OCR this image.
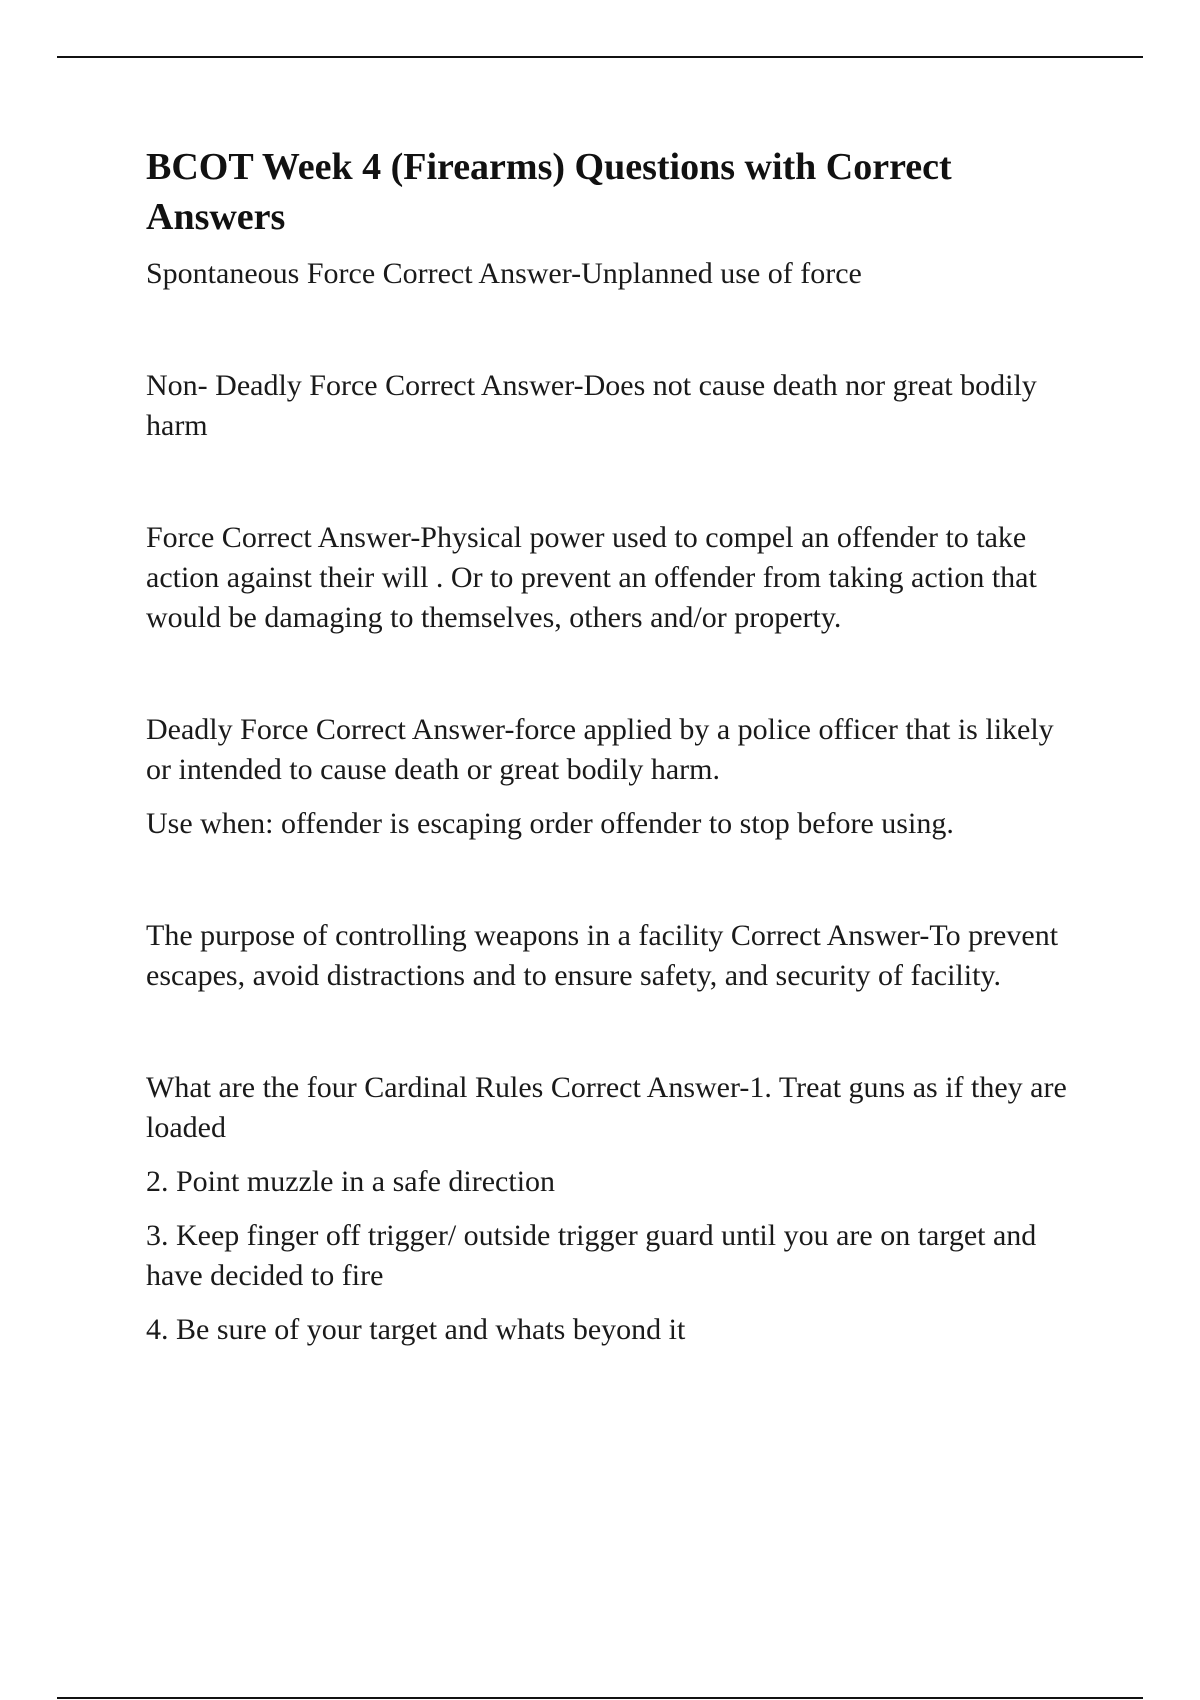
BCOT Week 4 (Firearms) Questions with Correct Answers

Spontaneous Force Correct Answer-Unplanned use of force

Non- Deadly Force Correct Answer-Does not cause death nor great bodily harm

Force Correct Answer-Physical power used to compel an offender to take action against their will . Or to prevent an offender from taking action that would be damaging to themselves, others and/or property.

Deadly Force Correct Answer-force applied by a police officer that is likely or intended to cause death or great bodily harm.

Use when: offender is escaping order offender to stop before using.

The purpose of controlling weapons in a facility Correct Answer-To prevent escapes, avoid distractions and to ensure safety, and security of facility.

What are the four Cardinal Rules Correct Answer-1. Treat guns as if they are loaded

2. Point muzzle in a safe direction

3. Keep finger off trigger/ outside trigger guard until you are on target and have decided to fire

4. Be sure of your target and whats beyond it
